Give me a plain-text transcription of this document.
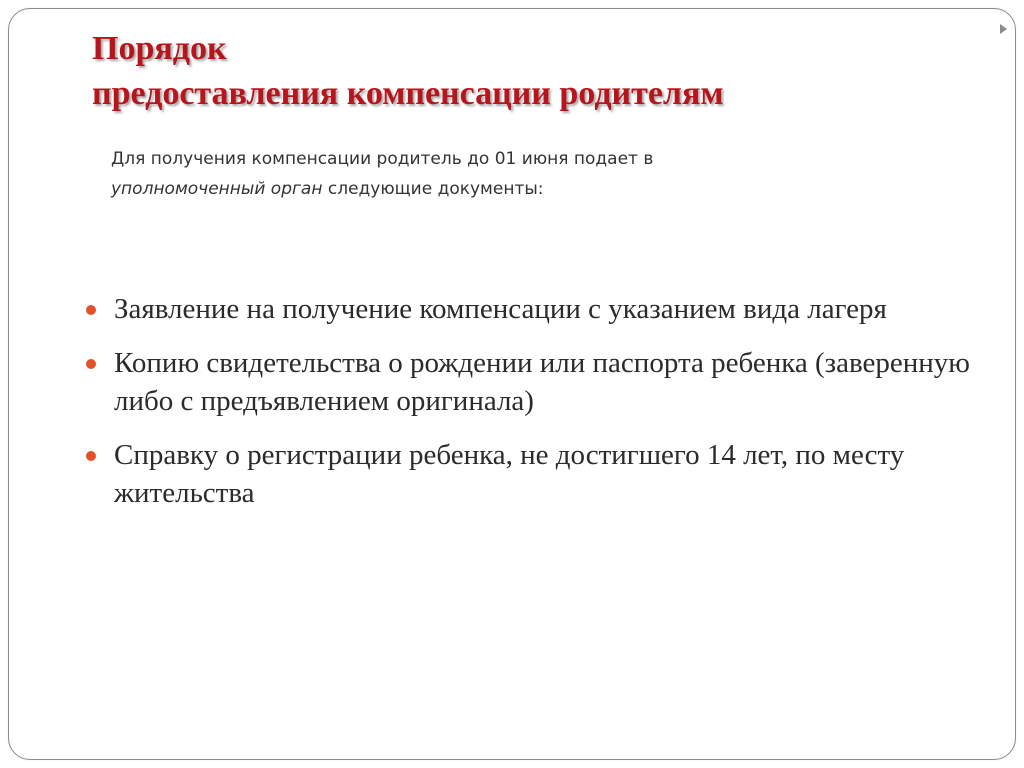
Порядок
предоставления компенсации родителям

Для получения компенсации родитель до 01 июня подает в
уполномоченный орган следующие документы:

Заявление на получение компенсации с указанием вида лагеря
Копию свидетельства о рождении или паспорта ребенка (заверенную либо с предъявлением оригинала)
Справку о регистрации ребенка, не достигшего 14 лет, по месту жительства
